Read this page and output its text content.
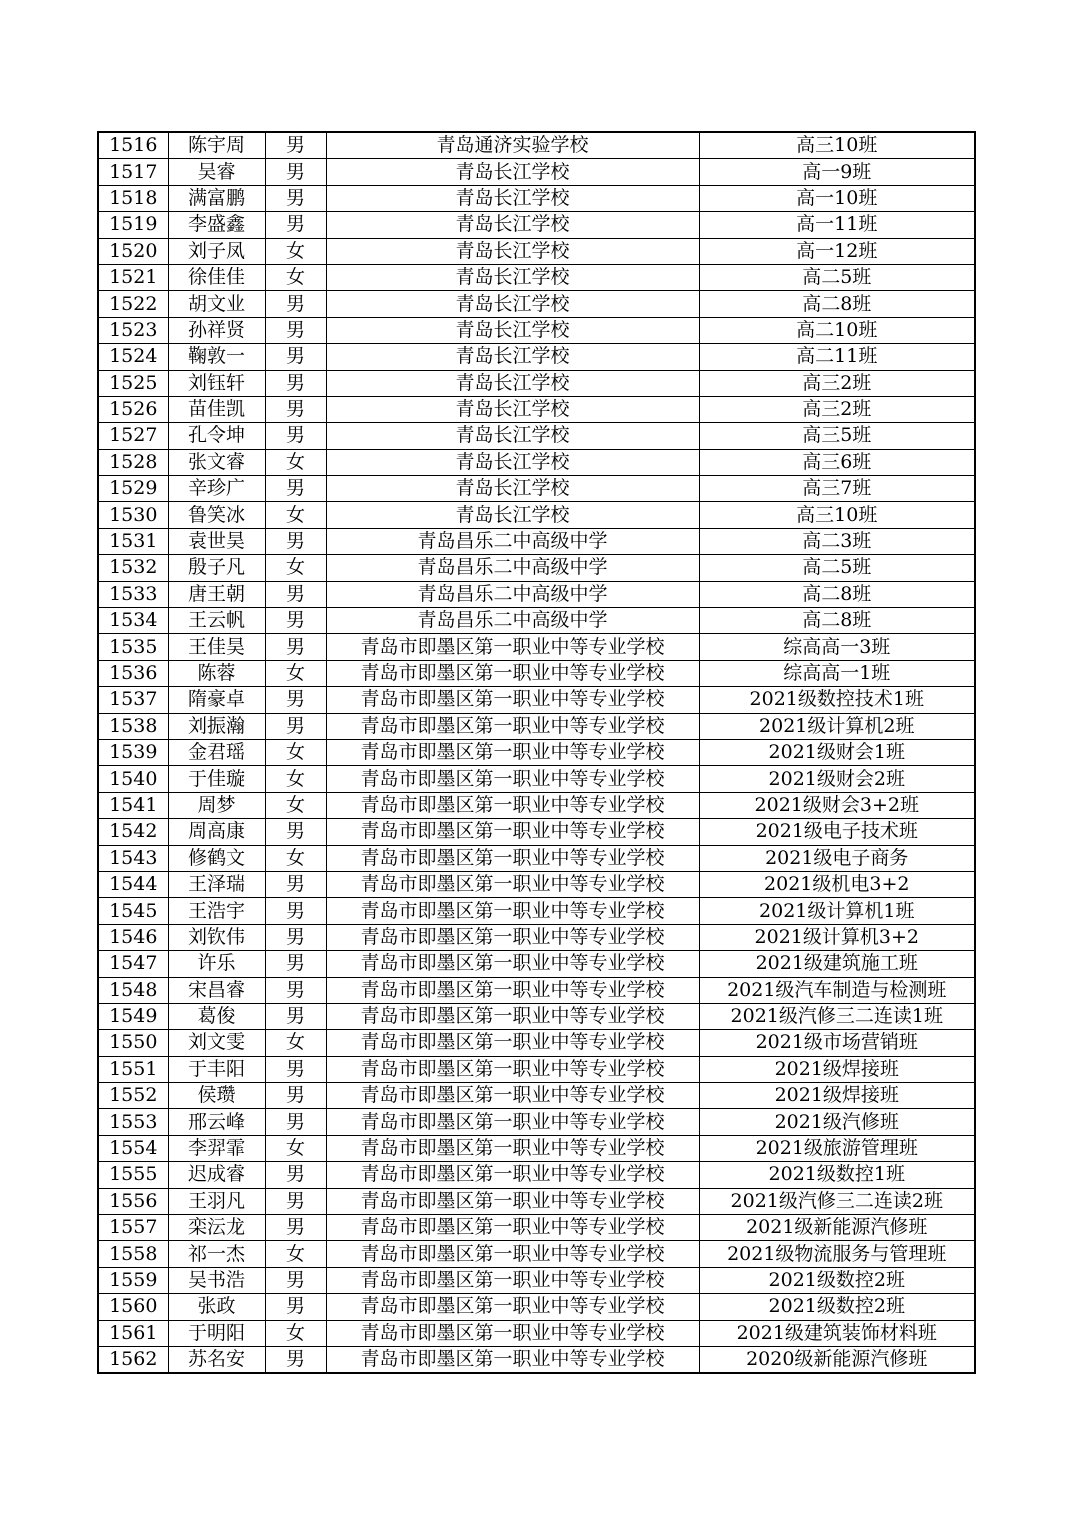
1516	陈宇周	男	青岛通济实验学校	高三10班
1517	吴睿	男	青岛长江学校	高一9班
1518	满富鹏	男	青岛长江学校	高一10班
1519	李盛鑫	男	青岛长江学校	高一11班
1520	刘子凤	女	青岛长江学校	高一12班
1521	徐佳佳	女	青岛长江学校	高二5班
1522	胡文业	男	青岛长江学校	高二8班
1523	孙祥贤	男	青岛长江学校	高二10班
1524	鞠敦一	男	青岛长江学校	高二11班
1525	刘钰轩	男	青岛长江学校	高三2班
1526	苗佳凯	男	青岛长江学校	高三2班
1527	孔令坤	男	青岛长江学校	高三5班
1528	张文睿	女	青岛长江学校	高三6班
1529	辛珍广	男	青岛长江学校	高三7班
1530	鲁笑冰	女	青岛长江学校	高三10班
1531	袁世昊	男	青岛昌乐二中高级中学	高二3班
1532	殷子凡	女	青岛昌乐二中高级中学	高二5班
1533	唐王朝	男	青岛昌乐二中高级中学	高二8班
1534	王云帆	男	青岛昌乐二中高级中学	高二8班
1535	王佳昊	男	青岛市即墨区第一职业中等专业学校	综高高一3班
1536	陈蓉	女	青岛市即墨区第一职业中等专业学校	综高高一1班
1537	隋豪卓	男	青岛市即墨区第一职业中等专业学校	2021级数控技术1班
1538	刘振瀚	男	青岛市即墨区第一职业中等专业学校	2021级计算机2班
1539	金君瑶	女	青岛市即墨区第一职业中等专业学校	2021级财会1班
1540	于佳璇	女	青岛市即墨区第一职业中等专业学校	2021级财会2班
1541	周梦	女	青岛市即墨区第一职业中等专业学校	2021级财会3+2班
1542	周高康	男	青岛市即墨区第一职业中等专业学校	2021级电子技术班
1543	修鹤文	女	青岛市即墨区第一职业中等专业学校	2021级电子商务
1544	王泽瑞	男	青岛市即墨区第一职业中等专业学校	2021级机电3+2
1545	王浩宇	男	青岛市即墨区第一职业中等专业学校	2021级计算机1班
1546	刘钦伟	男	青岛市即墨区第一职业中等专业学校	2021级计算机3+2
1547	许乐	男	青岛市即墨区第一职业中等专业学校	2021级建筑施工班
1548	宋昌睿	男	青岛市即墨区第一职业中等专业学校	2021级汽车制造与检测班
1549	葛俊	男	青岛市即墨区第一职业中等专业学校	2021级汽修三二连读1班
1550	刘文雯	女	青岛市即墨区第一职业中等专业学校	2021级市场营销班
1551	于丰阳	男	青岛市即墨区第一职业中等专业学校	2021级焊接班
1552	侯瓒	男	青岛市即墨区第一职业中等专业学校	2021级焊接班
1553	邢云峰	男	青岛市即墨区第一职业中等专业学校	2021级汽修班
1554	李羿霏	女	青岛市即墨区第一职业中等专业学校	2021级旅游管理班
1555	迟成睿	男	青岛市即墨区第一职业中等专业学校	2021级数控1班
1556	王羽凡	男	青岛市即墨区第一职业中等专业学校	2021级汽修三二连读2班
1557	栾沄龙	男	青岛市即墨区第一职业中等专业学校	2021级新能源汽修班
1558	祁一杰	女	青岛市即墨区第一职业中等专业学校	2021级物流服务与管理班
1559	吴书浩	男	青岛市即墨区第一职业中等专业学校	2021级数控2班
1560	张政	男	青岛市即墨区第一职业中等专业学校	2021级数控2班
1561	于明阳	女	青岛市即墨区第一职业中等专业学校	2021级建筑装饰材料班
1562	苏名安	男	青岛市即墨区第一职业中等专业学校	2020级新能源汽修班
